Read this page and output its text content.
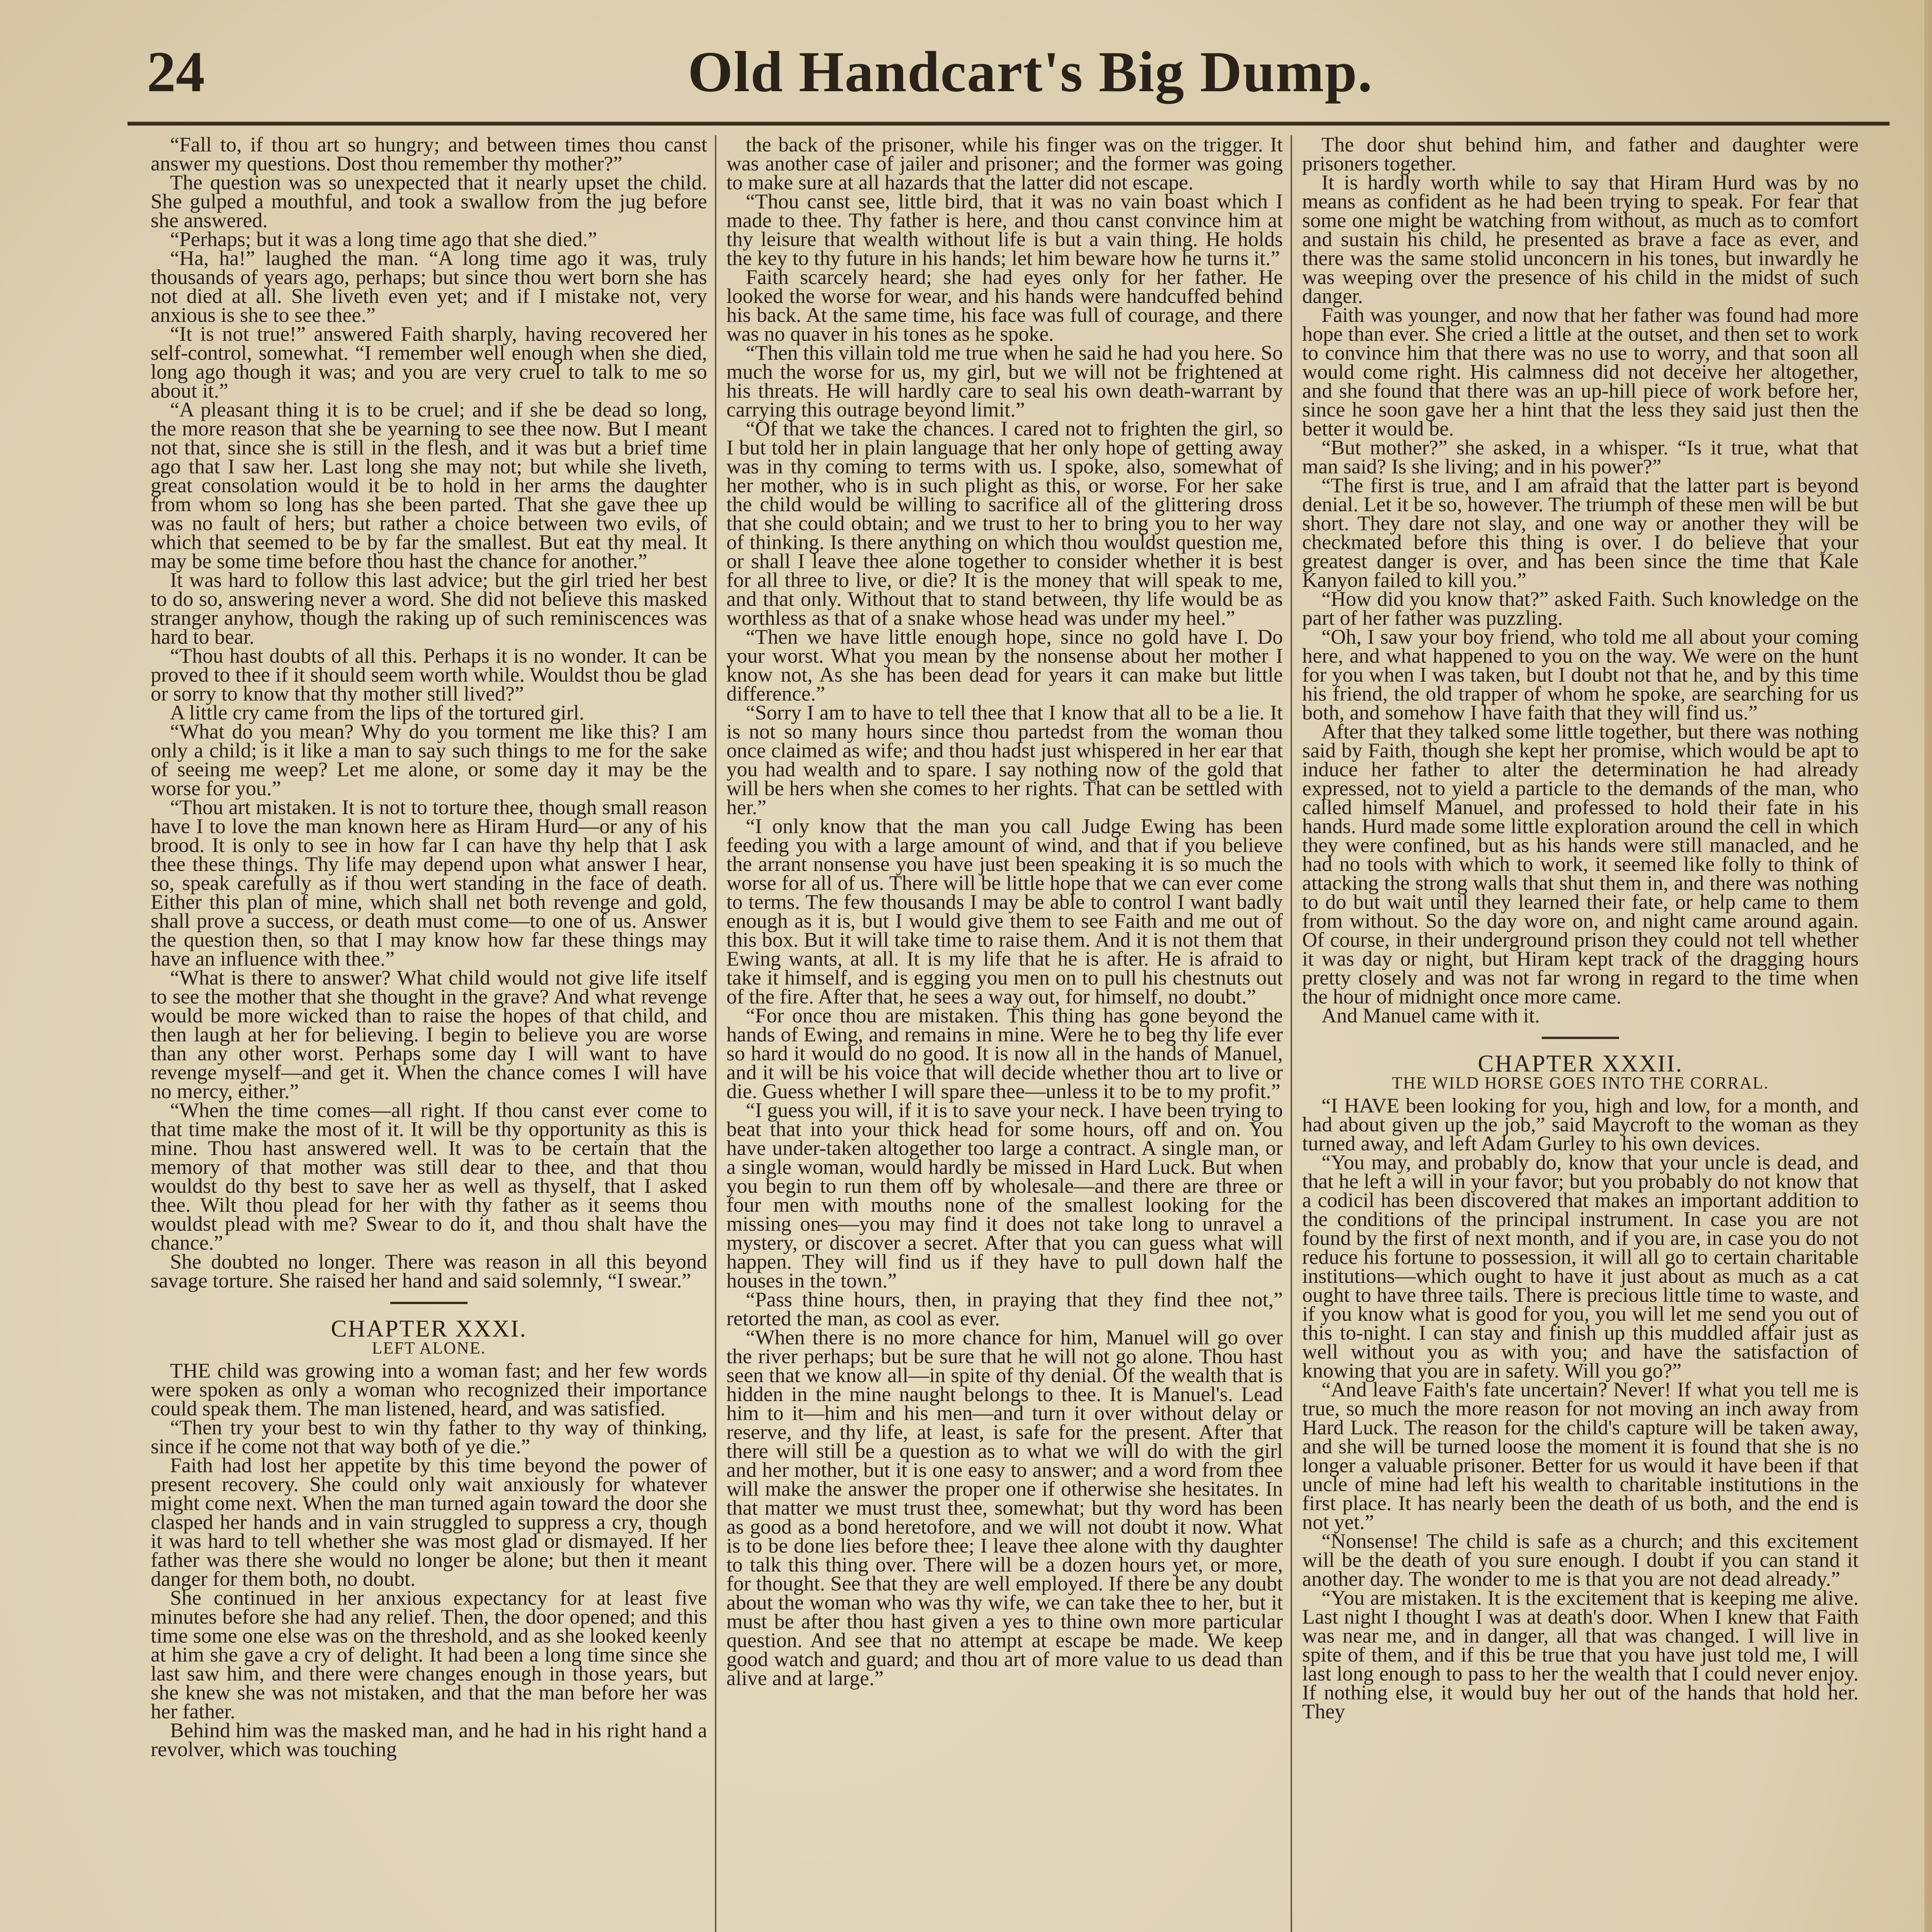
24	Old Handcart's Big Dump.

“Fall to, if thou art so hungry; and between times thou canst answer my questions. Dost thou remember thy mother?”

The question was so unexpected that it nearly upset the child. She gulped a mouthful, and took a swallow from the jug before she answered.

“Perhaps; but it was a long time ago that she died.”

“Ha, ha!” laughed the man. “A long time ago it was, truly thousands of years ago, perhaps; but since thou wert born she has not died at all. She liveth even yet; and if I mistake not, very anxious is she to see thee.”

“It is not true!” answered Faith sharply, having recovered her self-control, somewhat. “I remember well enough when she died, long ago though it was; and you are very cruel to talk to me so about it.”

“A pleasant thing it is to be cruel; and if she be dead so long, the more reason that she be yearning to see thee now. But I meant not that, since she is still in the flesh, and it was but a brief time ago that I saw her. Last long she may not; but while she liveth, great consolation would it be to hold in her arms the daughter from whom so long has she been parted. That she gave thee up was no fault of hers; but rather a choice between two evils, of which that seemed to be by far the smallest. But eat thy meal. It may be some time before thou hast the chance for another.”

It was hard to follow this last advice; but the girl tried her best to do so, answering never a word. She did not believe this masked stranger anyhow, though the raking up of such reminiscences was hard to bear.

“Thou hast doubts of all this. Perhaps it is no wonder. It can be proved to thee if it should seem worth while. Wouldst thou be glad or sorry to know that thy mother still lived?”

A little cry came from the lips of the tortured girl.

“What do you mean? Why do you torment me like this? I am only a child; is it like a man to say such things to me for the sake of seeing me weep? Let me alone, or some day it may be the worse for you.”

“Thou art mistaken. It is not to torture thee, though small reason have I to love the man known here as Hiram Hurd—or any of his brood. It is only to see in how far I can have thy help that I ask thee these things. Thy life may depend upon what answer I hear, so, speak carefully as if thou wert standing in the face of death. Either this plan of mine, which shall net both revenge and gold, shall prove a success, or death must come—to one of us. Answer the question then, so that I may know how far these things may have an influence with thee.”

“What is there to answer? What child would not give life itself to see the mother that she thought in the grave? And what revenge would be more wicked than to raise the hopes of that child, and then laugh at her for believing. I begin to believe you are worse than any other worst. Perhaps some day I will want to have revenge myself—and get it. When the chance comes I will have no mercy, either.”

“When the time comes—all right. If thou canst ever come to that time make the most of it. It will be thy opportunity as this is mine. Thou hast answered well. It was to be certain that the memory of that mother was still dear to thee, and that thou wouldst do thy best to save her as well as thyself, that I asked thee. Wilt thou plead for her with thy father as it seems thou wouldst plead with me? Swear to do it, and thou shalt have the chance.”

She doubted no longer. There was reason in all this beyond savage torture. She raised her hand and said solemnly, “I swear.”

CHAPTER XXXI.

LEFT ALONE.

THE child was growing into a woman fast; and her few words were spoken as only a woman who recognized their importance could speak them. The man listened, heard, and was satisfied.

“Then try your best to win thy father to thy way of thinking, since if he come not that way both of ye die.”

Faith had lost her appetite by this time beyond the power of present recovery. She could only wait anxiously for whatever might come next. When the man turned again toward the door she clasped her hands and in vain struggled to suppress a cry, though it was hard to tell whether she was most glad or dismayed. If her father was there she would no longer be alone; but then it meant danger for them both, no doubt.

She continued in her anxious expectancy for at least five minutes before she had any relief. Then, the door opened; and this time some one else was on the threshold, and as she looked keenly at him she gave a cry of delight. It had been a long time since she last saw him, and there were changes enough in those years, but she knew she was not mistaken, and that the man before her was her father.

Behind him was the masked man, and he had in his right hand a revolver, which was touching

the back of the prisoner, while his finger was on the trigger. It was another case of jailer and prisoner; and the former was going to make sure at all hazards that the latter did not escape.

“Thou canst see, little bird, that it was no vain boast which I made to thee. Thy father is here, and thou canst convince him at thy leisure that wealth without life is but a vain thing. He holds the key to thy future in his hands; let him beware how he turns it.”

Faith scarcely heard; she had eyes only for her father. He looked the worse for wear, and his hands were handcuffed behind his back. At the same time, his face was full of courage, and there was no quaver in his tones as he spoke.

“Then this villain told me true when he said he had you here. So much the worse for us, my girl, but we will not be frightened at his threats. He will hardly care to seal his own death-warrant by carrying this outrage beyond limit.”

“Of that we take the chances. I cared not to frighten the girl, so I but told her in plain language that her only hope of getting away was in thy coming to terms with us. I spoke, also, somewhat of her mother, who is in such plight as this, or worse. For her sake the child would be willing to sacrifice all of the glittering dross that she could obtain; and we trust to her to bring you to her way of thinking. Is there anything on which thou wouldst question me, or shall I leave thee alone together to consider whether it is best for all three to live, or die? It is the money that will speak to me, and that only. Without that to stand between, thy life would be as worthless as that of a snake whose head was under my heel.”

“Then we have little enough hope, since no gold have I. Do your worst. What you mean by the nonsense about her mother I know not, As she has been dead for years it can make but little difference.”

“Sorry I am to have to tell thee that I know that all to be a lie. It is not so many hours since thou partedst from the woman thou once claimed as wife; and thou hadst just whispered in her ear that you had wealth and to spare. I say nothing now of the gold that will be hers when she comes to her rights. That can be settled with her.”

“I only know that the man you call Judge Ewing has been feeding you with a large amount of wind, and that if you believe the arrant nonsense you have just been speaking it is so much the worse for all of us. There will be little hope that we can ever come to terms. The few thousands I may be able to control I want badly enough as it is, but I would give them to see Faith and me out of this box. But it will take time to raise them. And it is not them that Ewing wants, at all. It is my life that he is after. He is afraid to take it himself, and is egging you men on to pull his chestnuts out of the fire. After that, he sees a way out, for himself, no doubt.”

“For once thou are mistaken. This thing has gone beyond the hands of Ewing, and remains in mine. Were he to beg thy life ever so hard it would do no good. It is now all in the hands of Manuel, and it will be his voice that will decide whether thou art to live or die. Guess whether I will spare thee—unless it to be to my profit.”

“I guess you will, if it is to save your neck. I have been trying to beat that into your thick head for some hours, off and on. You have under-taken altogether too large a contract. A single man, or a single woman, would hardly be missed in Hard Luck. But when you begin to run them off by wholesale—and there are three or four men with mouths none of the smallest looking for the missing ones—you may find it does not take long to unravel a mystery, or discover a secret. After that you can guess what will happen. They will find us if they have to pull down half the houses in the town.”

“Pass thine hours, then, in praying that they find thee not,” retorted the man, as cool as ever.

“When there is no more chance for him, Manuel will go over the river perhaps; but be sure that he will not go alone. Thou hast seen that we know all—in spite of thy denial. Of the wealth that is hidden in the mine naught belongs to thee. It is Manuel's. Lead him to it—him and his men—and turn it over without delay or reserve, and thy life, at least, is safe for the present. After that there will still be a question as to what we will do with the girl and her mother, but it is one easy to answer; and a word from thee will make the answer the proper one if otherwise she hesitates. In that matter we must trust thee, somewhat; but thy word has been as good as a bond heretofore, and we will not doubt it now. What is to be done lies before thee; I leave thee alone with thy daughter to talk this thing over. There will be a dozen hours yet, or more, for thought. See that they are well employed. If there be any doubt about the woman who was thy wife, we can take thee to her, but it must be after thou hast given a yes to thine own more particular question. And see that no attempt at escape be made. We keep good watch and guard; and thou art of more value to us dead than alive and at large.”

The door shut behind him, and father and daughter were prisoners together.

It is hardly worth while to say that Hiram Hurd was by no means as confident as he had been trying to speak. For fear that some one might be watching from without, as much as to comfort and sustain his child, he presented as brave a face as ever, and there was the same stolid unconcern in his tones, but inwardly he was weeping over the presence of his child in the midst of such danger.

Faith was younger, and now that her father was found had more hope than ever. She cried a little at the outset, and then set to work to convince him that there was no use to worry, and that soon all would come right. His calmness did not deceive her altogether, and she found that there was an up-hill piece of work before her, since he soon gave her a hint that the less they said just then the better it would be.

“But mother?” she asked, in a whisper. “Is it true, what that man said? Is she living; and in his power?”

“The first is true, and I am afraid that the latter part is beyond denial. Let it be so, however. The triumph of these men will be but short. They dare not slay, and one way or another they will be checkmated before this thing is over. I do believe that your greatest danger is over, and has been since the time that Kale Kanyon failed to kill you.”

“How did you know that?” asked Faith. Such knowledge on the part of her father was puzzling.

“Oh, I saw your boy friend, who told me all about your coming here, and what happened to you on the way. We were on the hunt for you when I was taken, but I doubt not that he, and by this time his friend, the old trapper of whom he spoke, are searching for us both, and somehow I have faith that they will find us.”

After that they talked some little together, but there was nothing said by Faith, though she kept her promise, which would be apt to induce her father to alter the determination he had already expressed, not to yield a particle to the demands of the man, who called himself Manuel, and professed to hold their fate in his hands. Hurd made some little exploration around the cell in which they were confined, but as his hands were still manacled, and he had no tools with which to work, it seemed like folly to think of attacking the strong walls that shut them in, and there was nothing to do but wait until they learned their fate, or help came to them from without. So the day wore on, and night came around again. Of course, in their underground prison they could not tell whether it was day or night, but Hiram kept track of the dragging hours pretty closely and was not far wrong in regard to the time when the hour of midnight once more came.

And Manuel came with it.

CHAPTER XXXII.

THE WILD HORSE GOES INTO THE CORRAL.

“I HAVE been looking for you, high and low, for a month, and had about given up the job,” said Maycroft to the woman as they turned away, and left Adam Gurley to his own devices.

“You may, and probably do, know that your uncle is dead, and that he left a will in your favor; but you probably do not know that a codicil has been discovered that makes an important addition to the conditions of the principal instrument. In case you are not found by the first of next month, and if you are, in case you do not reduce his fortune to possession, it will all go to certain charitable institutions—which ought to have it just about as much as a cat ought to have three tails. There is precious little time to waste, and if you know what is good for you, you will let me send you out of this to-night. I can stay and finish up this muddled affair just as well without you as with you; and have the satisfaction of knowing that you are in safety. Will you go?”

“And leave Faith's fate uncertain? Never! If what you tell me is true, so much the more reason for not moving an inch away from Hard Luck. The reason for the child's capture will be taken away, and she will be turned loose the moment it is found that she is no longer a valuable prisoner. Better for us would it have been if that uncle of mine had left his wealth to charitable institutions in the first place. It has nearly been the death of us both, and the end is not yet.”

“Nonsense! The child is safe as a church; and this excitement will be the death of you sure enough. I doubt if you can stand it another day. The wonder to me is that you are not dead already.”

“You are mistaken. It is the excitement that is keeping me alive. Last night I thought I was at death's door. When I knew that Faith was near me, and in danger, all that was changed. I will live in spite of them, and if this be true that you have just told me, I will last long enough to pass to her the wealth that I could never enjoy. If nothing else, it would buy her out of the hands that hold her. They
